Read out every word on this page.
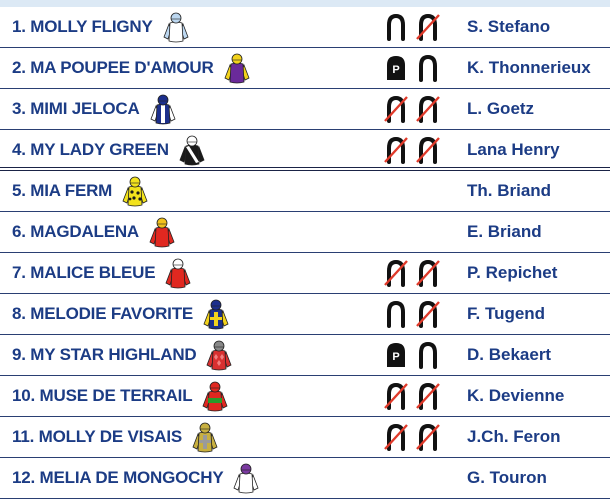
1. MOLLY FLIGNY	S. Stefano
2. MA POUPEE D'AMOUR	P	K. Thonnerieux
3. MIMI JELOCA	L. Goetz
4. MY LADY GREEN	Lana Henry
5. MIA FERM	Th. Briand
6. MAGDALENA	E. Briand
7. MALICE BLEUE	P. Repichet
8. MELODIE FAVORITE	F. Tugend
9. MY STAR HIGHLAND	P	D. Bekaert
10. MUSE DE TERRAIL	K. Devienne
11. MOLLY DE VISAIS	J.Ch. Feron
12. MELIA DE MONGOCHY	G. Touron
